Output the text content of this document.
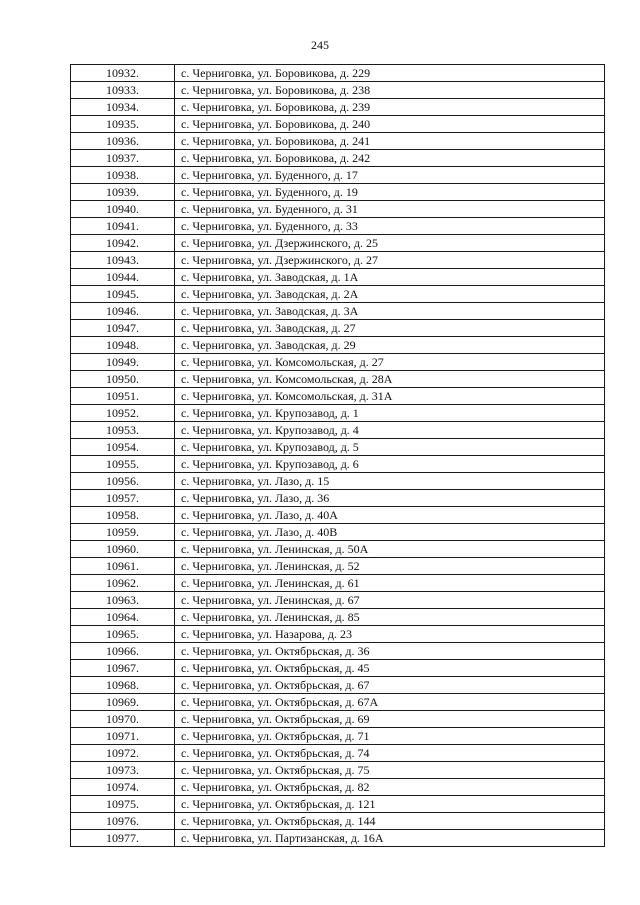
245
10932.	с. Черниговка, ул. Боровикова, д. 229
10933.	с. Черниговка, ул. Боровикова, д. 238
10934.	с. Черниговка, ул. Боровикова, д. 239
10935.	с. Черниговка, ул. Боровикова, д. 240
10936.	с. Черниговка, ул. Боровикова, д. 241
10937.	с. Черниговка, ул. Боровикова, д. 242
10938.	с. Черниговка, ул. Буденного, д. 17
10939.	с. Черниговка, ул. Буденного, д. 19
10940.	с. Черниговка, ул. Буденного, д. 31
10941.	с. Черниговка, ул. Буденного, д. 33
10942.	с. Черниговка, ул. Дзержинского, д. 25
10943.	с. Черниговка, ул. Дзержинского, д. 27
10944.	с. Черниговка, ул. Заводская, д. 1А
10945.	с. Черниговка, ул. Заводская, д. 2А
10946.	с. Черниговка, ул. Заводская, д. 3А
10947.	с. Черниговка, ул. Заводская, д. 27
10948.	с. Черниговка, ул. Заводская, д. 29
10949.	с. Черниговка, ул. Комсомольская, д. 27
10950.	с. Черниговка, ул. Комсомольская, д. 28А
10951.	с. Черниговка, ул. Комсомольская, д. 31А
10952.	с. Черниговка, ул. Крупозавод, д. 1
10953.	с. Черниговка, ул. Крупозавод, д. 4
10954.	с. Черниговка, ул. Крупозавод, д. 5
10955.	с. Черниговка, ул. Крупозавод, д. 6
10956.	с. Черниговка, ул. Лазо, д. 15
10957.	с. Черниговка, ул. Лазо, д. 36
10958.	с. Черниговка, ул. Лазо, д. 40А
10959.	с. Черниговка, ул. Лазо, д. 40В
10960.	с. Черниговка, ул. Ленинская, д. 50А
10961.	с. Черниговка, ул. Ленинская, д. 52
10962.	с. Черниговка, ул. Ленинская, д. 61
10963.	с. Черниговка, ул. Ленинская, д. 67
10964.	с. Черниговка, ул. Ленинская, д. 85
10965.	с. Черниговка, ул. Назарова, д. 23
10966.	с. Черниговка, ул. Октябрьская, д. 36
10967.	с. Черниговка, ул. Октябрьская, д. 45
10968.	с. Черниговка, ул. Октябрьская, д. 67
10969.	с. Черниговка, ул. Октябрьская, д. 67А
10970.	с. Черниговка, ул. Октябрьская, д. 69
10971.	с. Черниговка, ул. Октябрьская, д. 71
10972.	с. Черниговка, ул. Октябрьская, д. 74
10973.	с. Черниговка, ул. Октябрьская, д. 75
10974.	с. Черниговка, ул. Октябрьская, д. 82
10975.	с. Черниговка, ул. Октябрьская, д. 121
10976.	с. Черниговка, ул. Октябрьская, д. 144
10977.	с. Черниговка, ул. Партизанская, д. 16А
